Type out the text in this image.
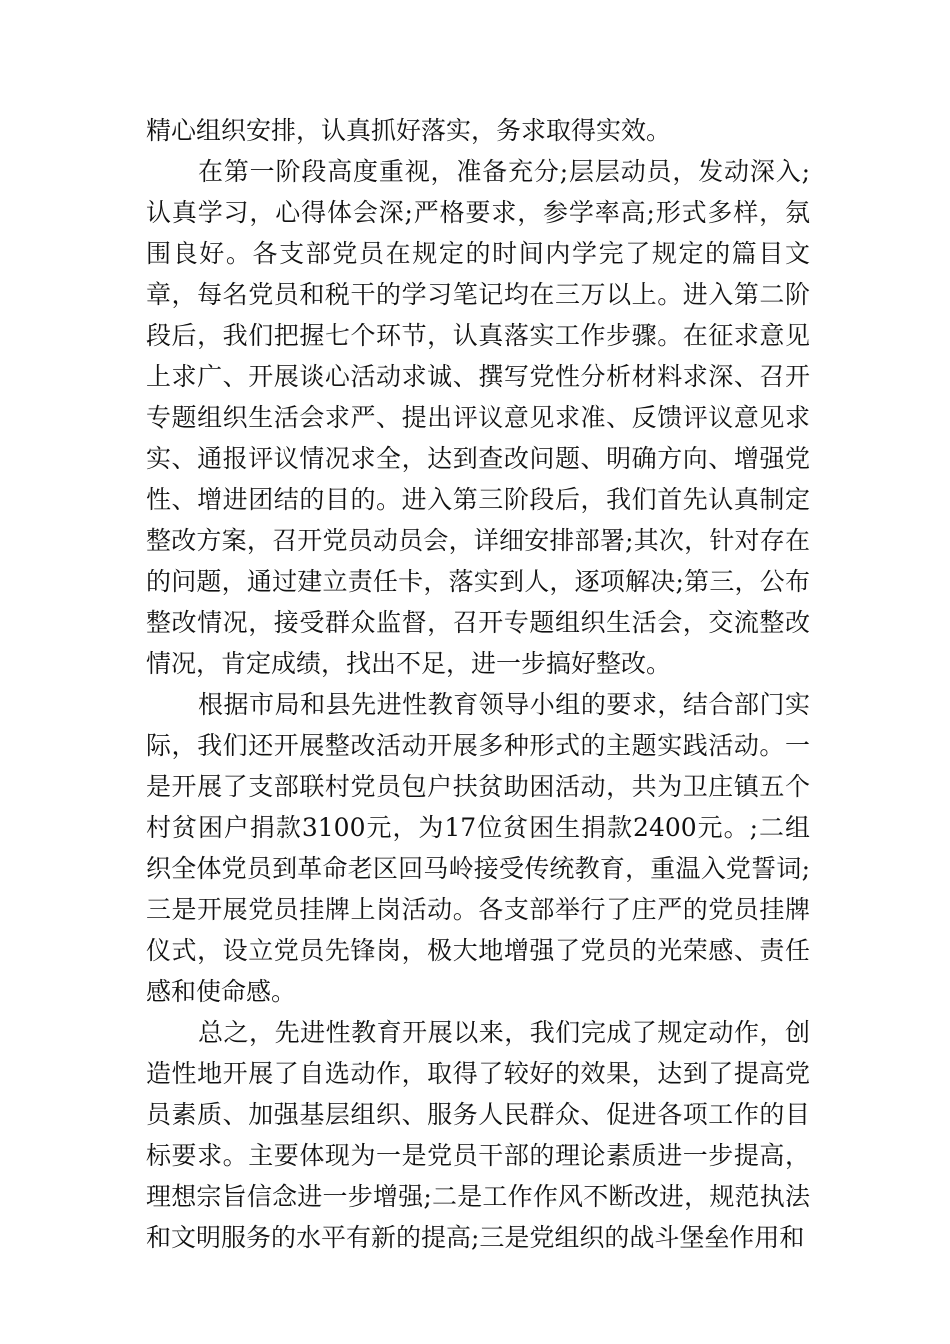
精心组织安排，认真抓好落实，务求取得实效。

在第一阶段高度重视，准备充分;层层动员，发动深入;认真学习，心得体会深;严格要求，参学率高;形式多样，氛围良好。各支部党员在规定的时间内学完了规定的篇目文章，每名党员和税干的学习笔记均在三万以上。进入第二阶段后，我们把握七个环节，认真落实工作步骤。在征求意见上求广、开展谈心活动求诚、撰写党性分析材料求深、召开专题组织生活会求严、提出评议意见求准、反馈评议意见求实、通报评议情况求全，达到查改问题、明确方向、增强党性、增进团结的目的。进入第三阶段后，我们首先认真制定整改方案，召开党员动员会，详细安排部署;其次，针对存在的问题，通过建立责任卡，落实到人，逐项解决;第三，公布整改情况，接受群众监督，召开专题组织生活会，交流整改情况，肯定成绩，找出不足，进一步搞好整改。

根据市局和县先进性教育领导小组的要求，结合部门实际，我们还开展整改活动开展多种形式的主题实践活动。一是开展了支部联村党员包户扶贫助困活动，共为卫庄镇五个村贫困户捐款3100元，为17位贫困生捐款2400元。;二组织全体党员到革命老区回马岭接受传统教育，重温入党誓词;三是开展党员挂牌上岗活动。各支部举行了庄严的党员挂牌仪式，设立党员先锋岗，极大地增强了党员的光荣感、责任感和使命感。

总之，先进性教育开展以来，我们完成了规定动作，创造性地开展了自选动作，取得了较好的效果，达到了提高党员素质、加强基层组织、服务人民群众、促进各项工作的目标要求。主要体现为一是党员干部的理论素质进一步提高，理想宗旨信念进一步增强;二是工作作风不断改进，规范执法和文明服务的水平有新的提高;三是党组织的战斗堡垒作用和
